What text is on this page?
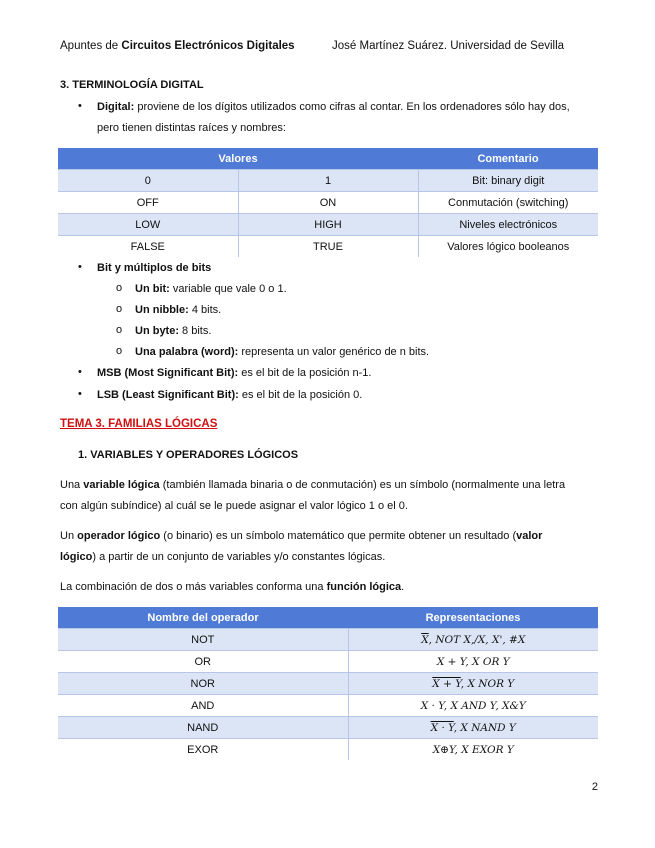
Apuntes de Circuitos Electrónicos Digitales	José Martínez Suárez. Universidad de Sevilla
3. TERMINOLOGÍA DIGITAL
• Digital: proviene de los dígitos utilizados como cifras al contar. En los ordenadores sólo hay dos,
pero tienen distintas raíces y nombres:
Valores		Comentario
0	1	Bit: binary digit
OFF	ON	Conmutación (switching)
LOW	HIGH	Niveles electrónicos
FALSE	TRUE	Valores lógico booleanos
• Bit y múltiplos de bits
o Un bit: variable que vale 0 o 1.
o Un nibble: 4 bits.
o Un byte: 8 bits.
o Una palabra (word): representa un valor genérico de n bits.
• MSB (Most Significant Bit): es el bit de la posición n-1.
• LSB (Least Significant Bit): es el bit de la posición 0.
TEMA 3. FAMILIAS LÓGICAS
1. VARIABLES Y OPERADORES LÓGICOS
Una variable lógica (también llamada binaria o de conmutación) es un símbolo (normalmente una letra
con algún subíndice) al cuál se le puede asignar el valor lógico 1 o el 0.
Un operador lógico (o binario) es un símbolo matemático que permite obtener un resultado (valor
lógico) a partir de un conjunto de variables y/o constantes lógicas.
La combinación de dos o más variables conforma una función lógica.
Nombre del operador	Representaciones
NOT	$\overline{X}$, NOT X,/X, X', #X
OR	X + Y, X OR Y
NOR	X + Y, X NOR Y
AND	X · Y, X AND Y, X&Y
NAND	X · Y, X NAND Y
EXOR	X⊕Y, X EXOR Y
2
